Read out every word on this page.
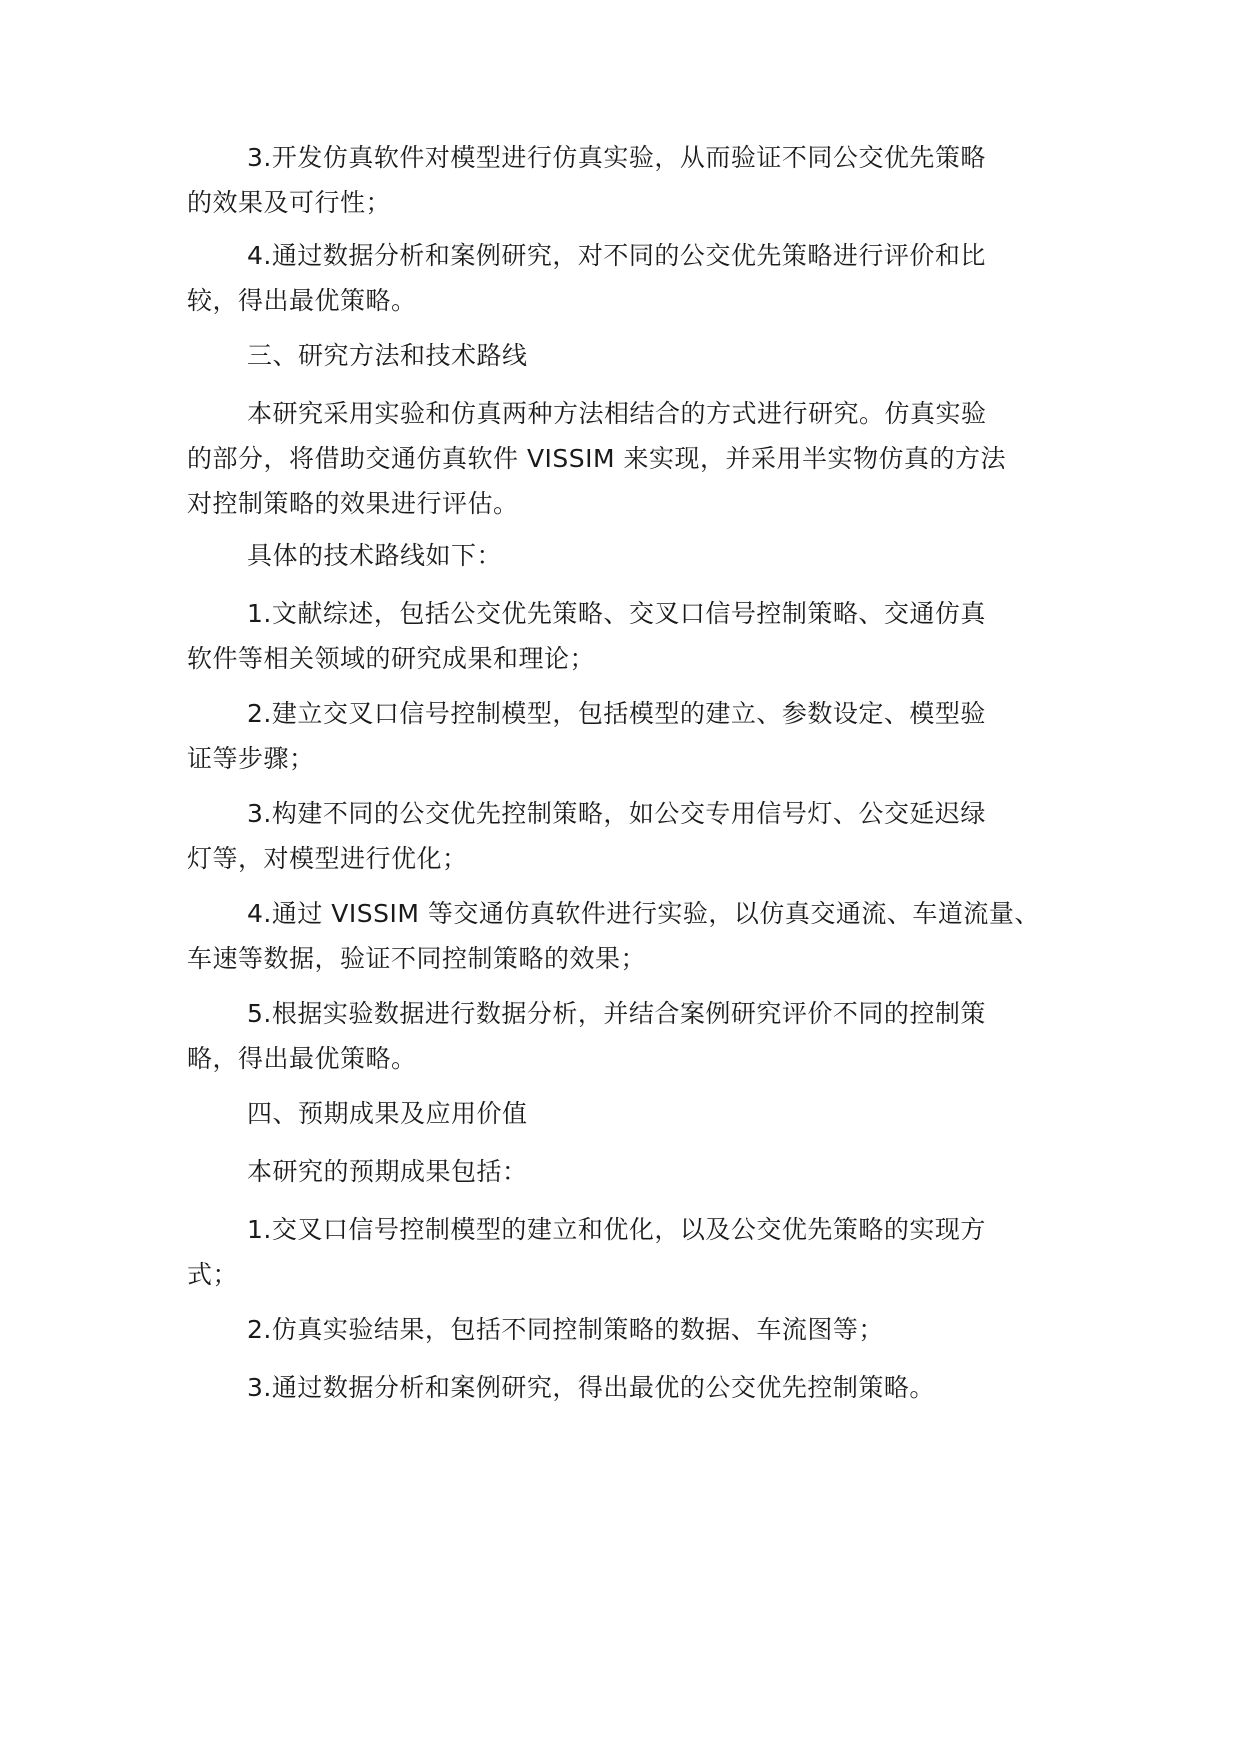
3.开发仿真软件对模型进行仿真实验，从而验证不同公交优先策略
的效果及可行性；
4.通过数据分析和案例研究，对不同的公交优先策略进行评价和比
较，得出最优策略。
三、研究方法和技术路线
本研究采用实验和仿真两种方法相结合的方式进行研究。仿真实验
的部分，将借助交通仿真软件 VISSIM 来实现，并采用半实物仿真的方法
对控制策略的效果进行评估。
具体的技术路线如下：
1.文献综述，包括公交优先策略、交叉口信号控制策略、交通仿真
软件等相关领域的研究成果和理论；
2.建立交叉口信号控制模型，包括模型的建立、参数设定、模型验
证等步骤；
3.构建不同的公交优先控制策略，如公交专用信号灯、公交延迟绿
灯等，对模型进行优化；
4.通过 VISSIM 等交通仿真软件进行实验，以仿真交通流、车道流量、
车速等数据，验证不同控制策略的效果；
5.根据实验数据进行数据分析，并结合案例研究评价不同的控制策
略，得出最优策略。
四、预期成果及应用价值
本研究的预期成果包括：
1.交叉口信号控制模型的建立和优化，以及公交优先策略的实现方
式；
2.仿真实验结果，包括不同控制策略的数据、车流图等；
3.通过数据分析和案例研究，得出最优的公交优先控制策略。
